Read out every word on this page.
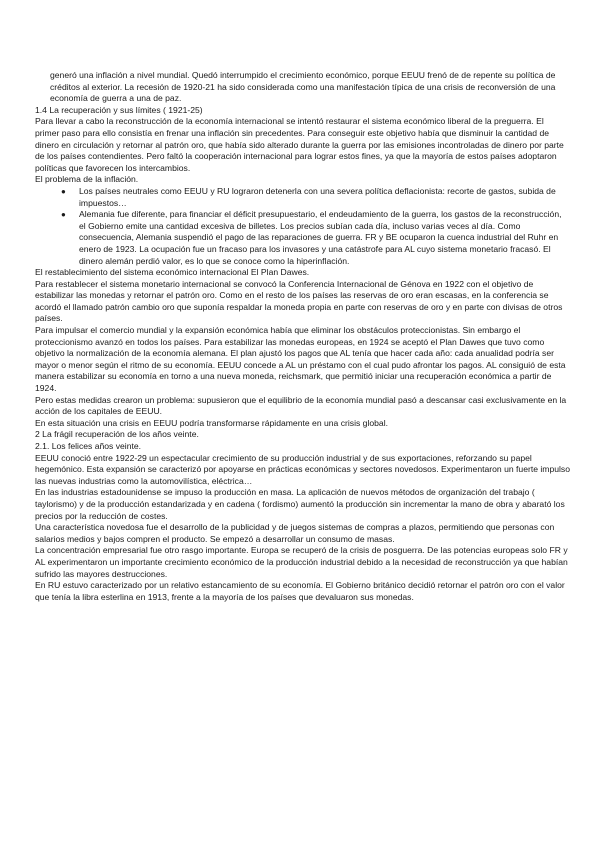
generó una inflación a nivel mundial. Quedó interrumpido el crecimiento económico, porque EEUU frenó de de repente su política de créditos al exterior. La recesión de 1920-21 ha sido considerada como una manifestación típica de una crisis de reconversión de una economía de guerra a una de paz.

1.4 La recuperación y sus límites ( 1921-25)

Para llevar a cabo la reconstrucción de la economía internacional se intentó restaurar el sistema económico liberal de la preguerra. El primer paso para ello consistía en frenar una inflación sin precedentes. Para conseguir este objetivo había que disminuir la cantidad de dinero en circulación y retornar al patrón oro, que había sido alterado durante la guerra por las emisiones incontroladas de dinero por parte de los países contendientes. Pero faltó la cooperación internacional para lograr estos fines, ya que la mayoría de estos países adoptaron políticas que favorecen los intercambios.

El problema de la inflación.

● Los países neutrales como EEUU y RU lograron detenerla con una severa política deflacionista: recorte de gastos, subida de impuestos…
● Alemania fue diferente, para financiar el déficit presupuestario, el endeudamiento de la guerra, los gastos de la reconstrucción, el Gobierno emite una cantidad excesiva de billetes. Los precios subían cada día, incluso varias veces al día. Como consecuencia, Alemania suspendió el pago de las reparaciones de guerra. FR y BE ocuparon la cuenca industrial del Ruhr en enero de 1923. La ocupación fue un fracaso para los invasores y una catástrofe para AL cuyo sistema monetario fracasó. El dinero alemán perdió valor, es lo que se conoce como la hiperinflación.

El restablecimiento del sistema económico internacional El Plan Dawes.

Para restablecer el sistema monetario internacional se convocó la Conferencia Internacional de Génova en 1922 con el objetivo de estabilizar las monedas y retornar el patrón oro. Como en el resto de los países las reservas de oro eran escasas, en la conferencia se acordó el llamado patrón cambio oro que suponía respaldar la moneda propia en parte con reservas de oro y en parte con divisas de otros países.

Para impulsar el comercio mundial y la expansión económica había que eliminar los obstáculos proteccionistas. Sin embargo el proteccionismo avanzó en todos los países. Para estabilizar las monedas europeas, en 1924 se aceptó el Plan Dawes que tuvo como objetivo la normalización de la economía alemana. El plan ajustó los pagos que AL tenía que hacer cada año: cada anualidad podría ser mayor o menor según el ritmo de su economía. EEUU concede a AL un préstamo con el cual pudo afrontar los pagos. AL consiguió de esta manera estabilizar su economía en torno a una nueva moneda, reichsmark, que permitió iniciar una recuperación económica a partir de 1924.

Pero estas medidas crearon un problema: supusieron que el equilibrio de la economía mundial pasó a descansar casi exclusivamente en la acción de los capitales de EEUU.

En esta situación una crisis en EEUU podría transformarse rápidamente en una crisis global.

2 La frágil recuperación de los años veinte.

2.1. Los felices años veinte.

EEUU conoció entre 1922-29 un espectacular crecimiento de su producción industrial y de sus exportaciones, reforzando su papel hegemónico. Esta expansión se caracterizó por apoyarse en prácticas económicas y sectores novedosos. Experimentaron un fuerte impulso las nuevas industrias como la automovilística, eléctrica…

En las industrias estadounidense se impuso la producción en masa. La aplicación de nuevos métodos de organización del trabajo ( taylorismo) y de la producción estandarizada y en cadena ( fordismo) aumentó la producción sin incrementar la mano de obra y abarató los precios por la reducción de costes.

Una característica novedosa fue el desarrollo de la publicidad y de juegos sistemas de compras a plazos, permitiendo que personas con salarios medios y bajos compren el producto. Se empezó a desarrollar un consumo de masas.

La concentración empresarial fue otro rasgo importante. Europa se recuperó de la crisis de posguerra. De las potencias europeas solo FR y AL experimentaron un importante crecimiento económico de la producción industrial debido a la necesidad de reconstrucción ya que habían sufrido las mayores destrucciones.

En RU estuvo caracterizado por un relativo estancamiento de su economía. El Gobierno británico decidió retornar el patrón oro con el valor que tenía la libra esterlina en 1913, frente a la mayoría de los países que devaluaron sus monedas.
